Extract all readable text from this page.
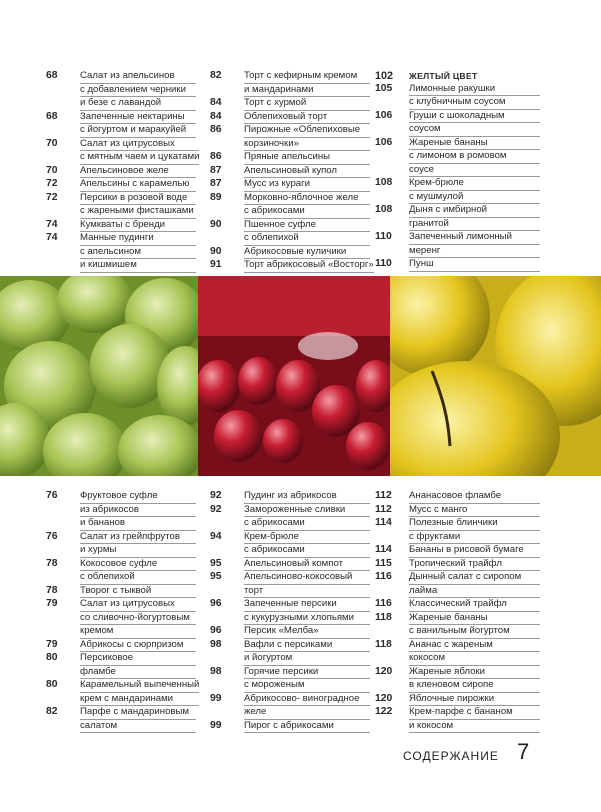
68	Салат из апельсинов
с добавлением черники
и безе с лавандой
68	Запеченные нектарины
с йогуртом и маракуйей
70	Салат из цитрусовых
с мятным чаем и цукатами
70	Апельсиновое желе
72	Апельсины с карамелью
72	Персики в розовой воде
с жареными фисташками
74	Кумкваты с бренди
74	Манные пудинги
с апельсином
и кишмишем
82	Торт с кефирным кремом
и мандаринами
84	Торт с хурмой
84	Облепиховый торт
86	Пирожные «Облепиховые
корзиночки»
86	Пряные апельсины
87	Апельсиновый купол
87	Мусс из кураги
89	Морковно-яблочное желе
с абрикосами
90	Пшенное суфле
с облепихой
90	Абрикосовые куличики
91	Торт абрикосовый «Восторг»
102	ЖЕЛТЫЙ ЦВЕТ
105	Лимонные ракушки
с клубничным соусом
106	Груши с шоколадным
соусом
106	Жареные бананы
с лимоном в ромовом
соусе
108	Крем-брюле
с мушмулой
108	Дыня с имбирной
гранитой
110	Запеченный лимонный
меренг
110	Пунш
76	Фруктовое суфле
из абрикосов
и бананов
76	Салат из грейпфрутов
и хурмы
78	Кокосовое суфле
с облепихой
78	Творог с тыквой
79	Салат из цитрусовых
со сливочно-йогуртовым
кремом
79	Абрикосы с сюрпризом
80	Персиковое
фламбе
80	Карамельный выпеченный
крем с мандаринами
82	Парфе с мандариновым
салатом
92	Пудинг из абрикосов
92	Замороженные сливки
с абрикосами
94	Крем-брюле
с абрикосами
95	Апельсиновый компот
95	Апельсиново-кокосовый
торт
96	Запеченные персики
с кукурузными хлопьями
96	Персик «Мелба»
98	Вафли с персиками
и йогуртом
98	Горячие персики
с мороженым
99	Абрикосово- виноградное
желе
99	Пирог с абрикосами
112	Ананасовое фламбе
112	Мусс с манго
114	Полезные блинчики
с фруктами
114	Бананы в рисовой бумаге
115	Тропический трайфл
116	Дынный салат с сиропом
лайма
116	Классический трайфл
118	Жареные бананы
с ванильным йогуртом
118	Ананас с жареным
кокосом
120	Жареные яблоки
в кленовом сиропе
120	Яблочные пирожки
122	Крем-парфе с бананом
и кокосом
СОДЕРЖАНИЕ 7
